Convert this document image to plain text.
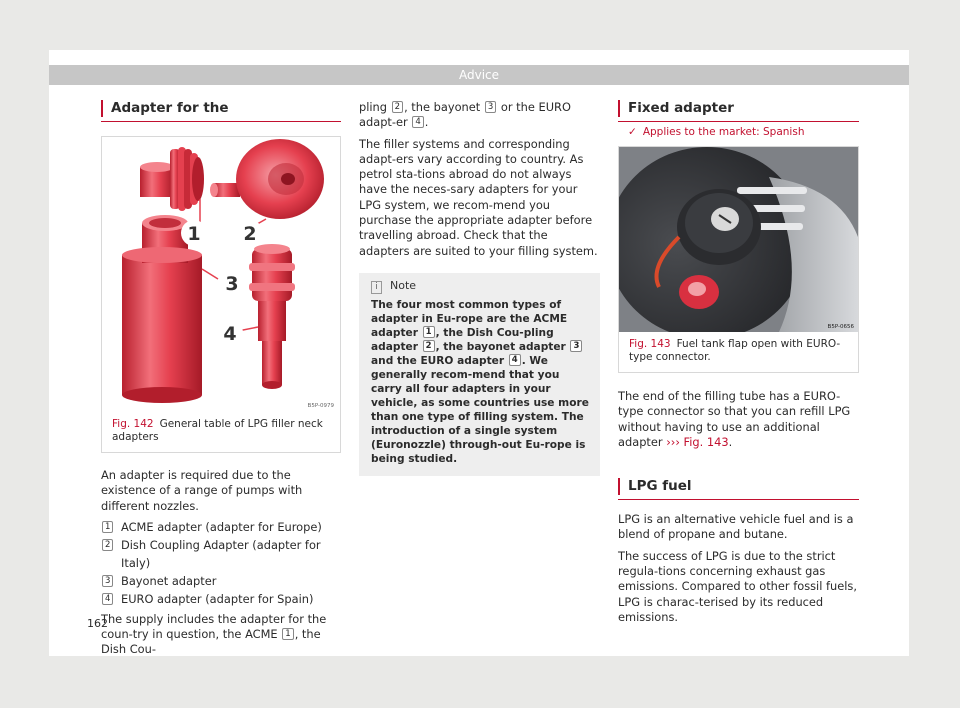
Advice
Adapter for the
1 2
3
4
B5P-0979
Fig. 142 General table of LPG filler neck adapters

An adapter is required due to the existence of a range of pumps with different nozzles.

1 ACME adapter (adapter for Europe)
2 Dish Coupling Adapter (adapter for Italy)
3 Bayonet adapter
4 EURO adapter (adapter for Spain)

The supply includes the adapter for the coun-try in question, the ACME 1 , the Dish Cou-

pling 2 , the bayonet 3 or the EURO adapt-er 4 .

The filler systems and corresponding adapt-ers vary according to country. As petrol sta-tions abroad do not always have the neces-sary adapters for your LPG system, we recom-mend you purchase the appropriate adapter before travelling abroad. Check that the adapters are suited to your filling system.

i Note

The four most common types of adapter in Eu-rope are the ACME adapter 1 , the Dish Cou-pling adapter 2 , the bayonet adapter 3 and the EURO adapter 4 . We generally recom-mend that you carry all four adapters in your vehicle, as some countries use more than one type of filling system. The introduction of a single system (Euronozzle) through-out Eu-rope is being studied.

Fixed adapter
✓ Applies to the market: Spanish
B5P-0656
Fig. 143 Fuel tank flap open with EURO-type connector.

The end of the filling tube has a EURO-type connector so that you can refill LPG without having to use an additional adapter ››› Fig. 143.

LPG fuel

LPG is an alternative vehicle fuel and is a blend of propane and butane.

The success of LPG is due to the strict regula-tions concerning exhaust gas emissions. Compared to other fossil fuels, LPG is charac-terised by its reduced emissions.

162
